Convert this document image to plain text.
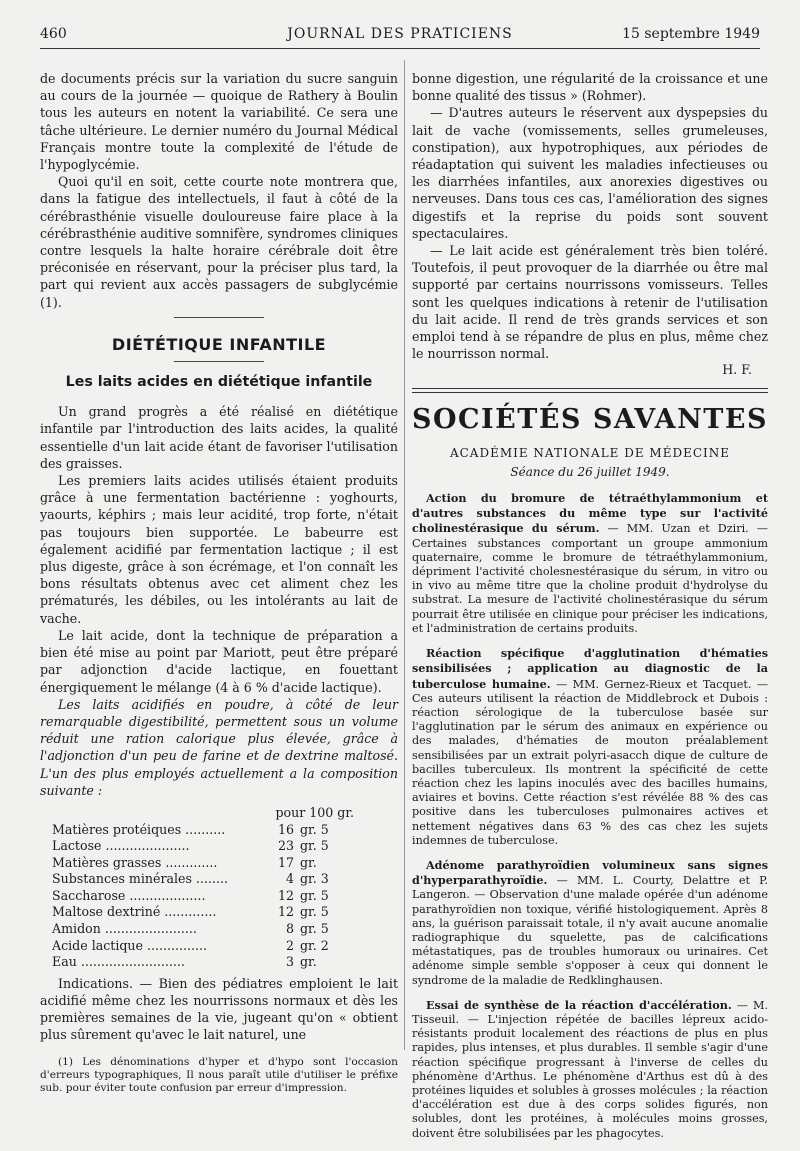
460	JOURNAL DES PRATICIENS	15 septembre 1949

de documents précis sur la variation du sucre sanguin au cours de la journée — quoique de Rathery à Boulin tous les auteurs en notent la variabilité. Ce sera une tâche ultérieure. Le dernier numéro du Journal Médical Français montre toute la complexité de l'étude de l'hypoglycémie.

Quoi qu'il en soit, cette courte note montrera que, dans la fatigue des intellectuels, il faut à côté de la cérébrasthénie visuelle douloureuse faire place à la cérébrasthénie auditive somnifère, syndromes cliniques contre lesquels la halte horaire cérébrale doit être préconisée en réservant, pour la préciser plus tard, la part qui revient aux accès passagers de subglycémie (1).

DIÉTÉTIQUE INFANTILE
Les laits acides en diététique infantile

Un grand progrès a été réalisé en diététique infantile par l'introduction des laits acides, la qualité essentielle d'un lait acide étant de favoriser l'utilisation des graisses.

Les premiers laits acides utilisés étaient produits grâce à une fermentation bactérienne : yoghourts, yaourts, képhirs ; mais leur acidité, trop forte, n'était pas toujours bien supportée. Le babeurre est également acidifié par fermentation lactique ; il est plus digeste, grâce à son écrémage, et l'on connaît les bons résultats obtenus avec cet aliment chez les prématurés, les débiles, ou les intolérants au lait de vache.

Le lait acide, dont la technique de préparation a bien été mise au point par Mariott, peut être préparé par adjonction d'acide lactique, en fouettant énergiquement le mélange (4 à 6 % d'acide lactique).

Les laits acidifiés en poudre, à côté de leur remarquable digestibilité, permettent sous un volume réduit une ration calorique plus élevée, grâce à l'adjonction d'un peu de farine et de dextrine maltosé. L'un des plus employés actuellement a la composition suivante :

pour 100 gr.
Matières protéiques ..........	16 gr. 5
Lactose .....................	23 gr. 5
Matières grasses .............	17 gr.
Substances minérales ........	4 gr. 3
Saccharose ...................	12 gr. 5
Maltose dextriné .............	12 gr. 5
Amidon .......................	8 gr. 5
Acide lactique ...............	2 gr. 2
Eau ..........................	3 gr.

Indications. — Bien des pédiatres emploient le lait acidifié même chez les nourrissons normaux et dès les premières semaines de la vie, jugeant qu'on « obtient plus sûrement qu'avec le lait naturel, une

(1) Les dénominations d'hyper et d'hypo sont l'occasion d'erreurs typographiques, Il nous paraît utile d'utiliser le préfixe sub. pour éviter toute confusion par erreur d'impression.

bonne digestion, une régularité de la croissance et une bonne qualité des tissus » (Rohmer).

— D'autres auteurs le réservent aux dyspepsies du lait de vache (vomissements, selles grumeleuses, constipation), aux hypotrophiques, aux périodes de réadaptation qui suivent les maladies infectieuses ou les diarrhées infantiles, aux anorexies digestives ou nerveuses. Dans tous ces cas, l'amélioration des signes digestifs et la reprise du poids sont souvent spectaculaires.

— Le lait acide est généralement très bien toléré. Toutefois, il peut provoquer de la diarrhée ou être mal supporté par certains nourrissons vomisseurs. Telles sont les quelques indications à retenir de l'utilisation du lait acide. Il rend de très grands services et son emploi tend à se répandre de plus en plus, même chez le nourrisson normal.

H. F.
SOCIÉTÉS SAVANTES
ACADÉMIE NATIONALE DE MÉDECINE
Séance du 26 juillet 1949.
Action du bromure de tétraéthylammonium et d'autres substances du même type sur l'activité cholinestérasique du sérum. — MM. Uzan et Dziri. — Certaines substances comportant un groupe ammonium quaternaire, comme le bromure de tétraéthylammonium, dépriment l'activité cholesnestérasique du sérum, in vitro ou in vivo au même titre que la choline produit d'hydrolyse du substrat. La mesure de l'activité cholinestérasique du sérum pourrait être utilisée en clinique pour préciser les indications, et l'administration de certains produits.
Réaction spécifique d'agglutination d'hématies sensibilisées ; application au diagnostic de la tuberculose humaine. — MM. Gernez-Rieux et Tacquet. — Ces auteurs utilisent la réaction de Middlebrock et Dubois : réaction sérologique de la tuberculose basée sur l'agglutination par le sérum des animaux en expérience ou des malades, d'hématies de mouton préalablement sensibilisées par un extrait polyri-asacch dique de culture de bacilles tuberculeux. Ils montrent la spécificité de cette réaction chez les lapins inoculés avec des bacilles humains, aviaires et bovins. Cette réaction s'est révélée 88 % des cas positive dans les tuberculoses pulmonaires actives et nettement négatives dans 63 % des cas chez les sujets indemnes de tuberculose.
Adénome parathyroïdien volumineux sans signes d'hyperparathyroïdie. — MM. L. Courty, Delattre et P. Langeron. — Observation d'une malade opérée d'un adénome parathyroïdien non toxique, vérifié histologiquement. Après 8 ans, la guérison paraissait totale, il n'y avait aucune anomalie radiographique du squelette, pas de calcifications métastatiques, pas de troubles humoraux ou urinaires. Cet adénome simple semble s'opposer à ceux qui donnent le syndrome de la maladie de Redklinghausen.
Essai de synthèse de la réaction d'accélération. — M. Tisseuil. — L'injection répétée de bacilles lépreux acido-résistants produit localement des réactions de plus en plus rapides, plus intenses, et plus durables. Il semble s'agir d'une réaction spécifique progressant à l'inverse de celles du phénomène d'Arthus. Le phénomène d'Arthus est dû à des protéines liquides et solubles à grosses molécules ; la réaction d'accélération est due à des corps solides figurés, non solubles, dont les protéines, à molécules moins grosses, doivent être solubilisées par les phagocytes.
